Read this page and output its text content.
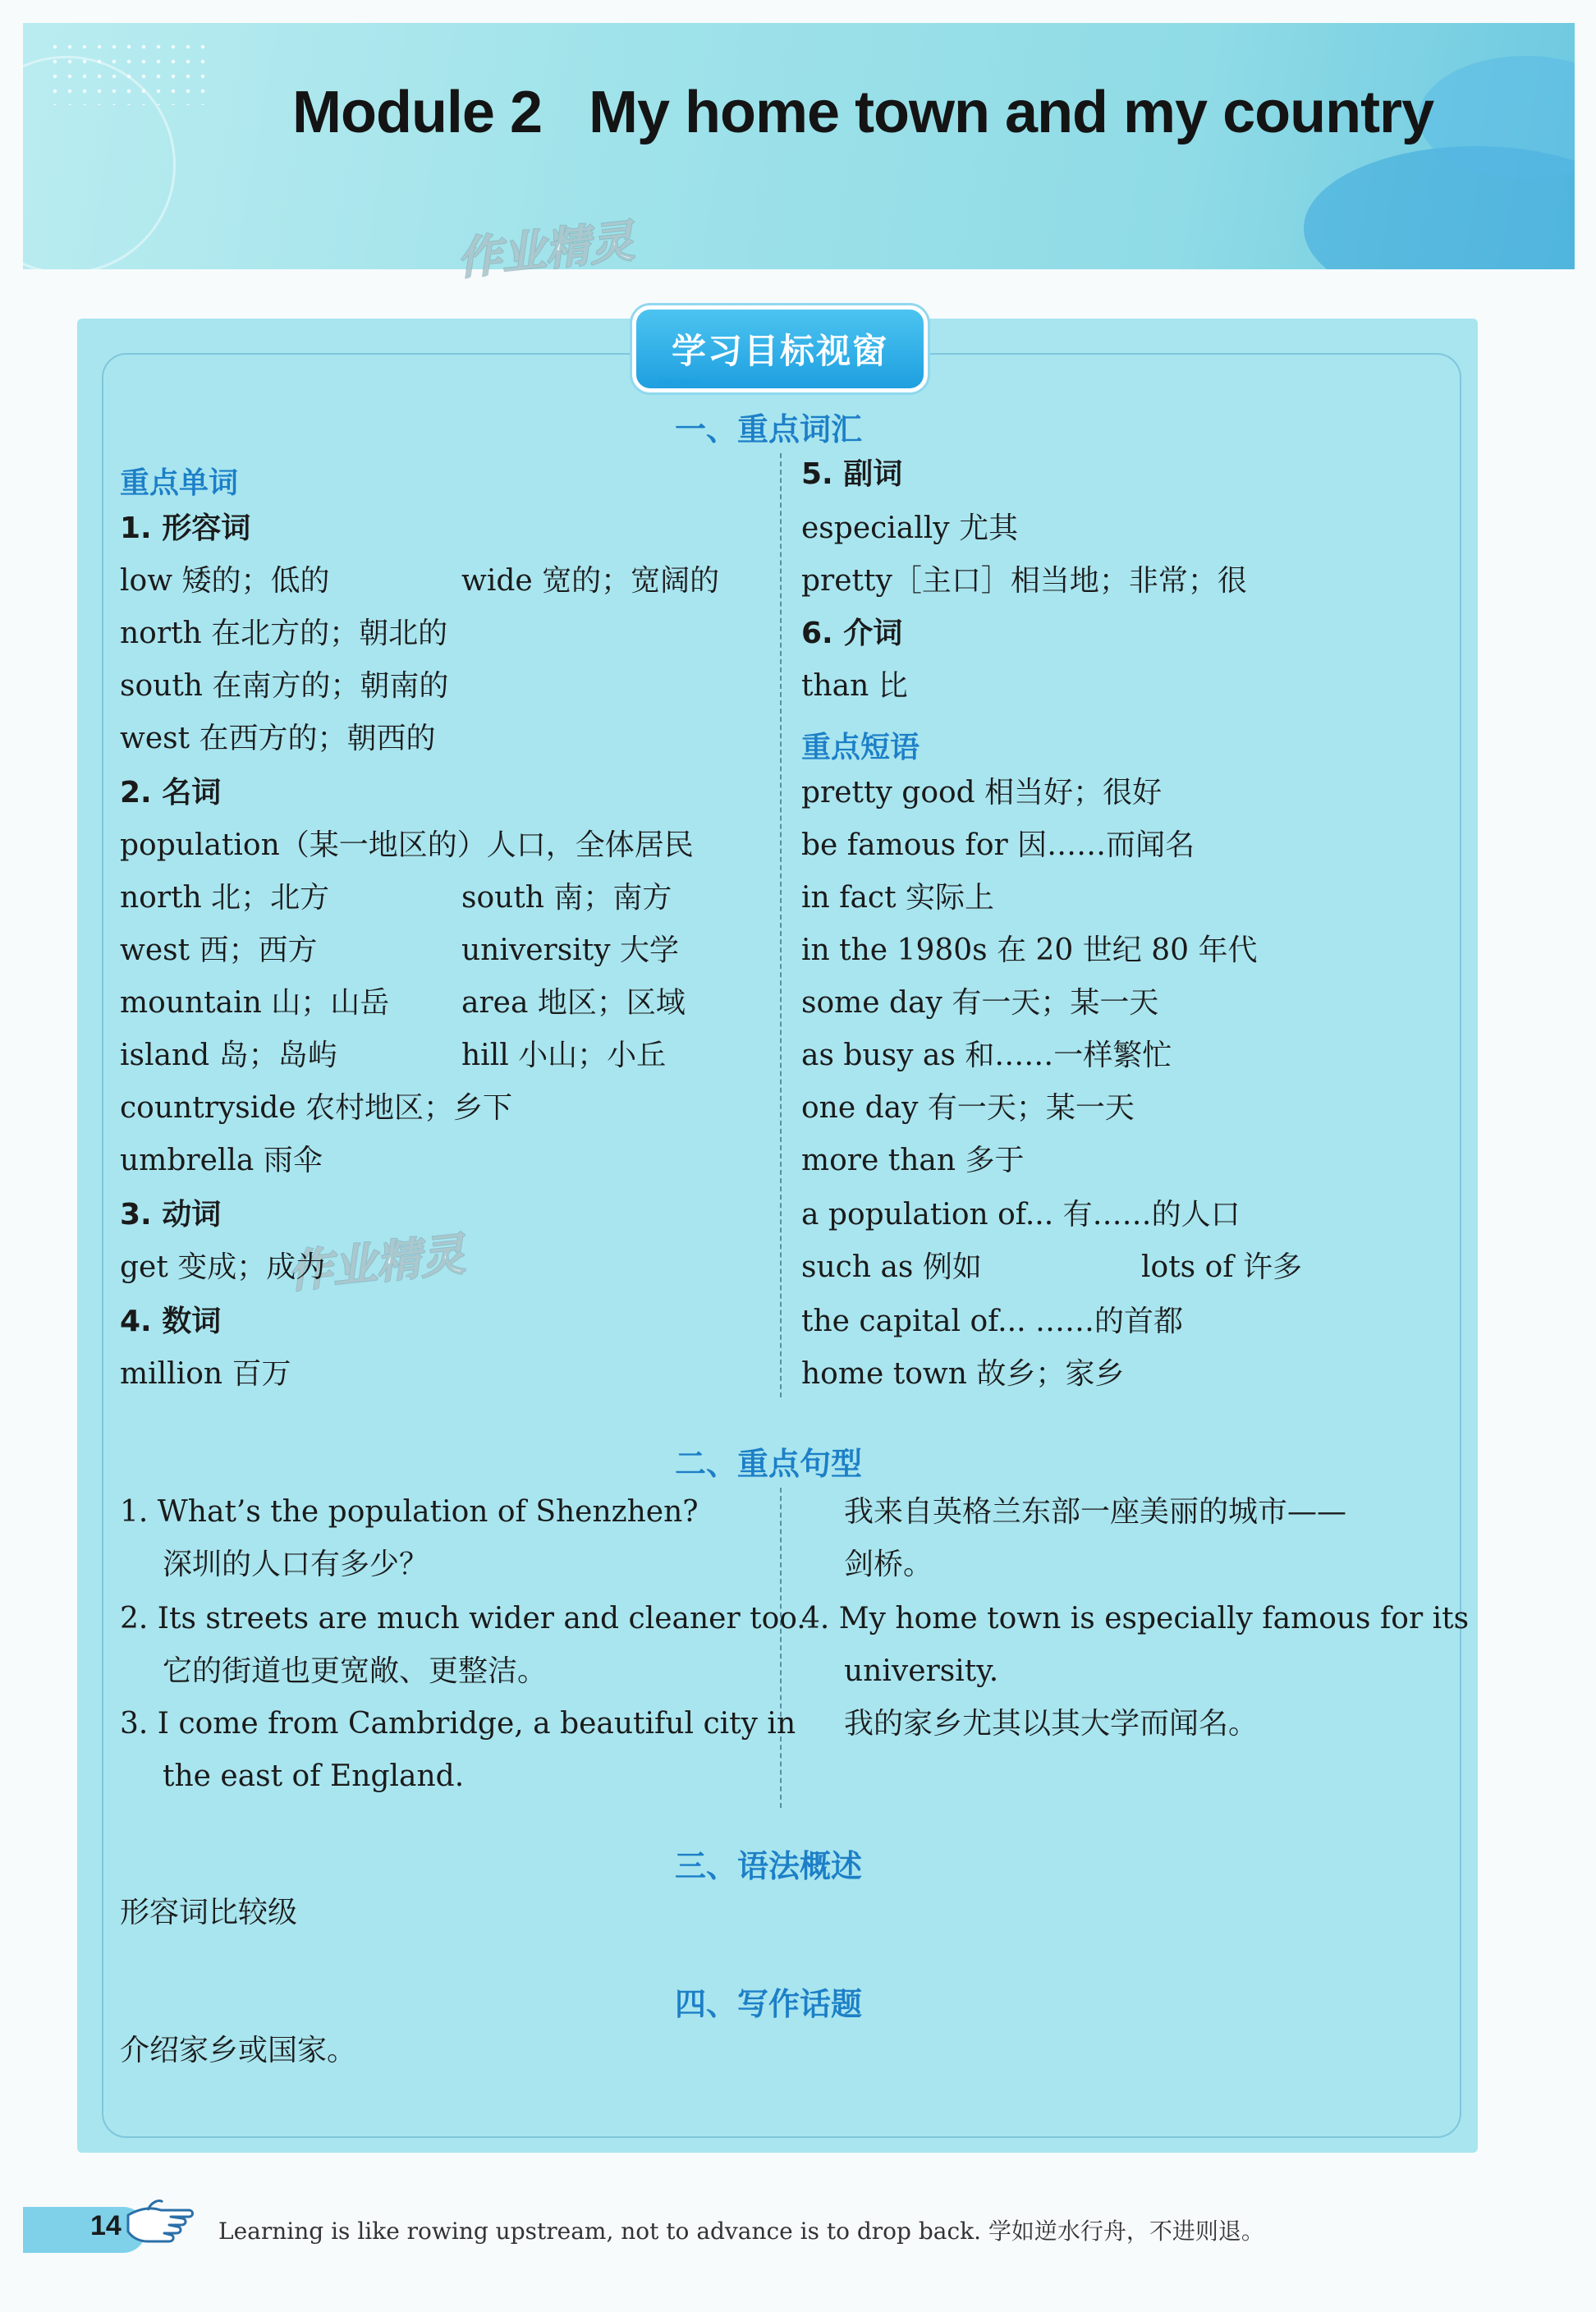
Module 2   My home town and my country
作业精灵
学习目标视窗
»»»»»»
作业精灵
一、重点词汇
重点单词
1. 形容词
low 矮的；低的	wide 宽的；宽阔的
north 在北方的；朝北的
south 在南方的；朝南的
west 在西方的；朝西的
2. 名词
population（某一地区的）人口，全体居民
north 北；北方	south 南；南方
west 西；西方	university 大学
mountain 山；山岳 area 地区；区域
island 岛；岛屿	hill 小山；小丘
countryside 农村地区；乡下
umbrella 雨伞
3. 动词
get 变成；成为
4. 数词
million 百万
5. 副词
especially 尤其
pretty［主口］相当地；非常；很
6. 介词
than 比
重点短语
pretty good 相当好；很好
be famous for 因……而闻名
in fact 实际上
in the 1980s 在 20 世纪 80 年代
some day 有一天；某一天
as busy as 和……一样繁忙
one day 有一天；某一天
more than 多于
a population of... 有……的人口
such as 例如	lots of 许多
the capital of... ……的首都
home town 故乡；家乡
二、重点句型
1. What’s the population of Shenzhen?
深圳的人口有多少？
2. Its streets are much wider and cleaner too.
它的街道也更宽敞、更整洁。
3. I come from Cambridge, a beautiful city in
the east of England.
我来自英格兰东部一座美丽的城市——
剑桥。
4. My home town is especially famous for its
university.
我的家乡尤其以其大学而闻名。
三、语法概述
形容词比较级
四、写作话题
介绍家乡或国家。
14	Learning is like rowing upstream, not to advance is to drop back. 学如逆水行舟，不进则退。
